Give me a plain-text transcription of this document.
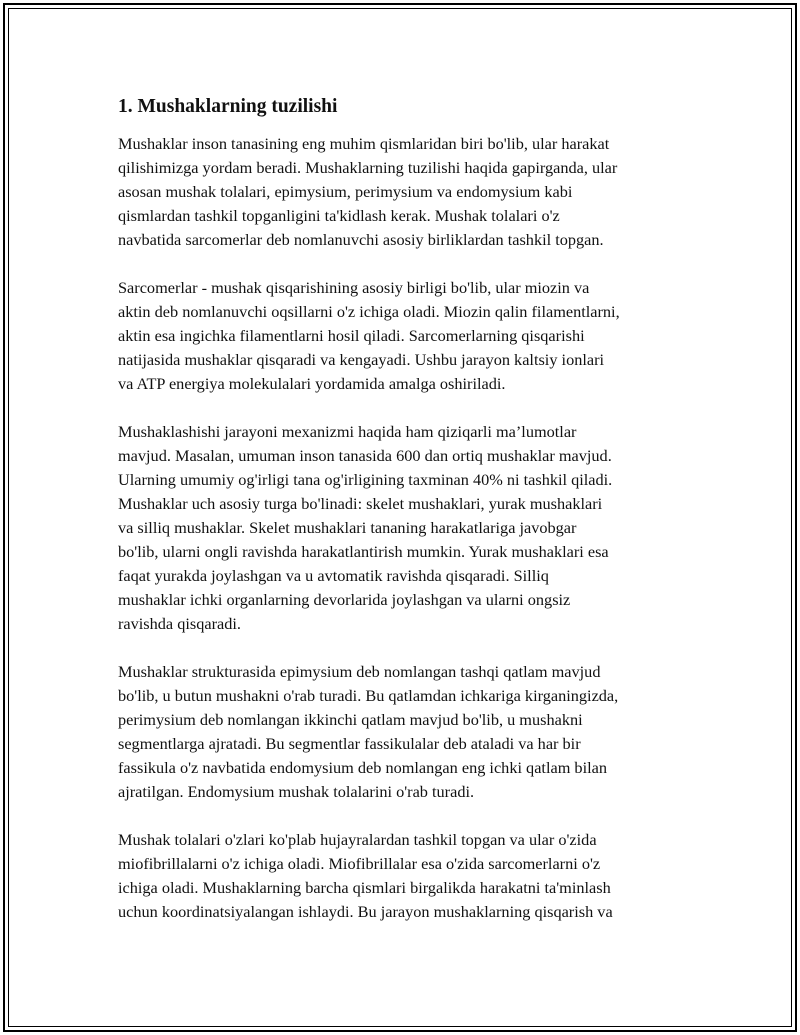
1. Mushaklarning tuzilishi

Mushaklar inson tanasining eng muhim qismlaridan biri bo'lib, ular harakat
qilishimizga yordam beradi. Mushaklarning tuzilishi haqida gapirganda, ular
asosan mushak tolalari, epimysium, perimysium va endomysium kabi
qismlardan tashkil topganligini ta'kidlash kerak. Mushak tolalari o'z
navbatida sarcomerlar deb nomlanuvchi asosiy birliklardan tashkil topgan.

Sarcomerlar - mushak qisqarishining asosiy birligi bo'lib, ular miozin va
aktin deb nomlanuvchi oqsillarni o'z ichiga oladi. Miozin qalin filamentlarni,
aktin esa ingichka filamentlarni hosil qiladi. Sarcomerlarning qisqarishi
natijasida mushaklar qisqaradi va kengayadi. Ushbu jarayon kaltsiy ionlari
va ATP energiya molekulalari yordamida amalga oshiriladi.

Mushaklashishi jarayoni mexanizmi haqida ham qiziqarli ma’lumotlar
mavjud. Masalan, umuman inson tanasida 600 dan ortiq mushaklar mavjud.
Ularning umumiy og'irligi tana og'irligining taxminan 40% ni tashkil qiladi.
Mushaklar uch asosiy turga bo'linadi: skelet mushaklari, yurak mushaklari
va silliq mushaklar. Skelet mushaklari tananing harakatlariga javobgar
bo'lib, ularni ongli ravishda harakatlantirish mumkin. Yurak mushaklari esa
faqat yurakda joylashgan va u avtomatik ravishda qisqaradi. Silliq
mushaklar ichki organlarning devorlarida joylashgan va ularni ongsiz
ravishda qisqaradi.

Mushaklar strukturasida epimysium deb nomlangan tashqi qatlam mavjud
bo'lib, u butun mushakni o'rab turadi. Bu qatlamdan ichkariga kirganingizda,
perimysium deb nomlangan ikkinchi qatlam mavjud bo'lib, u mushakni
segmentlarga ajratadi. Bu segmentlar fassikulalar deb ataladi va har bir
fassikula o'z navbatida endomysium deb nomlangan eng ichki qatlam bilan
ajratilgan. Endomysium mushak tolalarini o'rab turadi.

Mushak tolalari o'zlari ko'plab hujayralardan tashkil topgan va ular o'zida
miofibrillalarni o'z ichiga oladi. Miofibrillalar esa o'zida sarcomerlarni o'z
ichiga oladi. Mushaklarning barcha qismlari birgalikda harakatni ta'minlash
uchun koordinatsiyalangan ishlaydi. Bu jarayon mushaklarning qisqarish va
